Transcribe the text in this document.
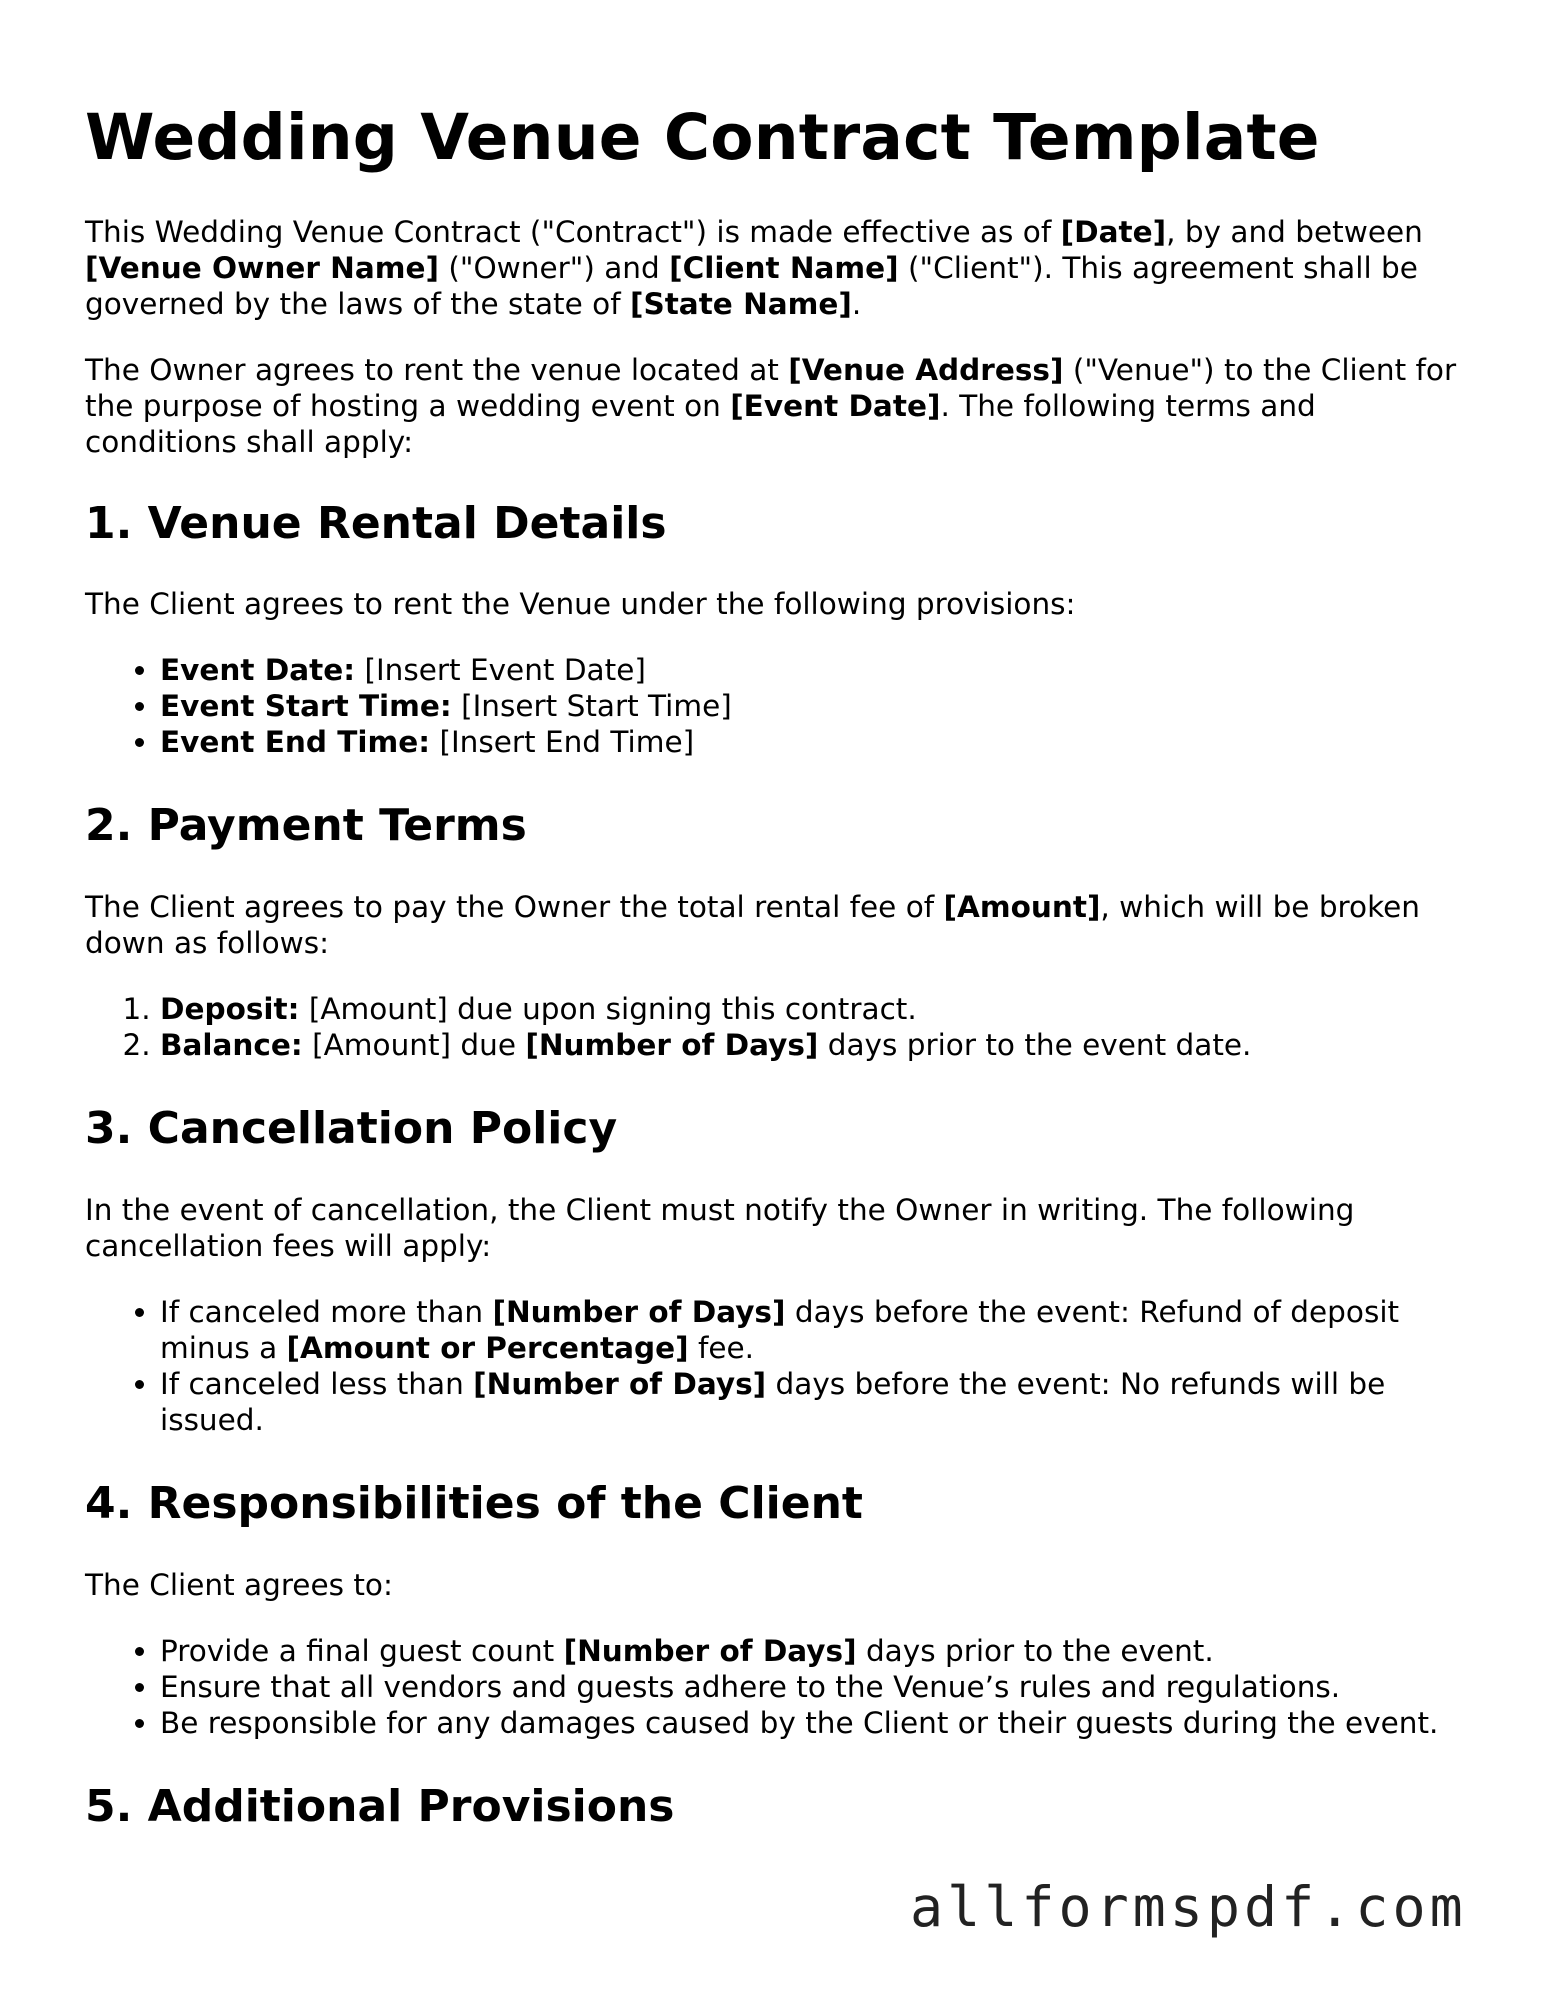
Wedding Venue Contract Template

This Wedding Venue Contract ("Contract") is made effective as of [Date], by and between [Venue Owner Name] ("Owner") and [Client Name] ("Client"). This agreement shall be governed by the laws of the state of [State Name].

The Owner agrees to rent the venue located at [Venue Address] ("Venue") to the Client for the purpose of hosting a wedding event on [Event Date]. The following terms and conditions shall apply:

1. Venue Rental Details

The Client agrees to rent the Venue under the following provisions:

• Event Date: [Insert Event Date]
• Event Start Time: [Insert Start Time]
• Event End Time: [Insert End Time]
2. Payment Terms

The Client agrees to pay the Owner the total rental fee of [Amount], which will be broken down as follows:

1. Deposit: [Amount] due upon signing this contract.
2. Balance: [Amount] due [Number of Days] days prior to the event date.
3. Cancellation Policy

In the event of cancellation, the Client must notify the Owner in writing. The following cancellation fees will apply:

• If canceled more than [Number of Days] days before the event: Refund of deposit minus a [Amount or Percentage] fee.
• If canceled less than [Number of Days] days before the event: No refunds will be issued.
4. Responsibilities of the Client

The Client agrees to:

• Provide a final guest count [Number of Days] days prior to the event.
• Ensure that all vendors and guests adhere to the Venue’s rules and regulations.
• Be responsible for any damages caused by the Client or their guests during the event.
5. Additional Provisions
allformspdf.com
